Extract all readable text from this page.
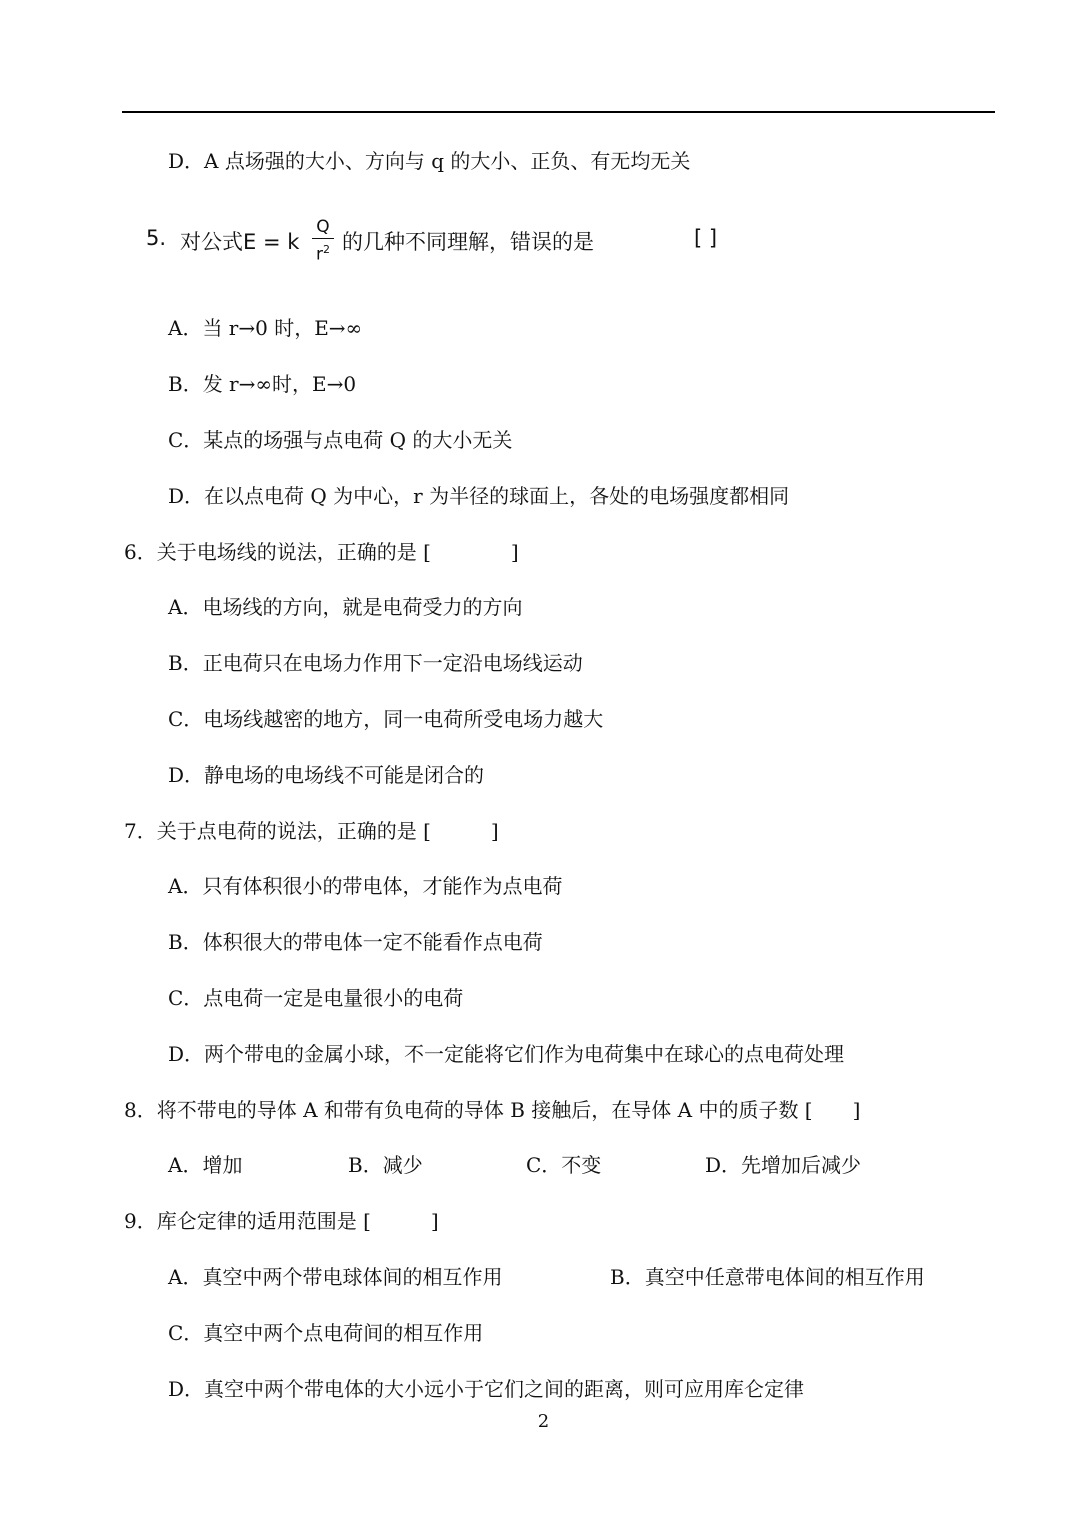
D．A 点场强的大小、方向与 q 的大小、正负、有无均无关
5. 对公式E = k
Q
$r^2$ 的几种不同理解，错误的是	[ ]
A．当 r→0 时，E→∞
B．发 r→∞时，E→0
C．某点的场强与点电荷 Q 的大小无关
D．在以点电荷 Q 为中心，r 为半径的球面上，各处的电场强度都相同
6．关于电场线的说法，正确的是 [　　　　]
A．电场线的方向，就是电荷受力的方向
B．正电荷只在电场力作用下一定沿电场线运动
C．电场线越密的地方，同一电荷所受电场力越大
D．静电场的电场线不可能是闭合的
7．关于点电荷的说法，正确的是 [　　　]
A．只有体积很小的带电体，才能作为点电荷
B．体积很大的带电体一定不能看作点电荷
C．点电荷一定是电量很小的电荷
D．两个带电的金属小球，不一定能将它们作为电荷集中在球心的点电荷处理
8．将不带电的导体 A 和带有负电荷的导体 B 接触后，在导体 A 中的质子数 [　　]
A．增加	B．减少	C．不变	D．先增加后减少
9．库仑定律的适用范围是 [　　　]
A．真空中两个带电球体间的相互作用	B．真空中任意带电体间的相互作用
C．真空中两个点电荷间的相互作用
D．真空中两个带电体的大小远小于它们之间的距离，则可应用库仑定律
2
